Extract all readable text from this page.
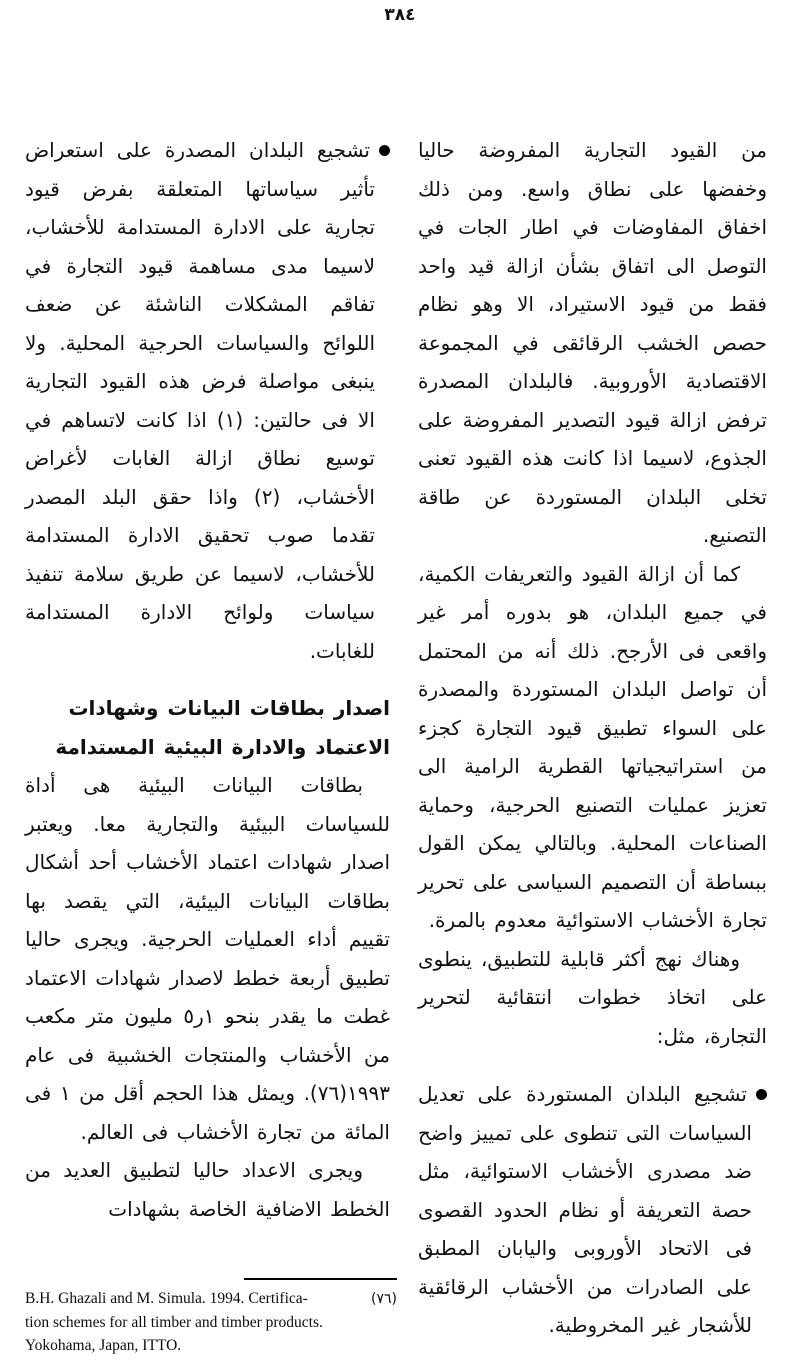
٣٨٤
من القيود التجارية المفروضة حاليا وخفضها على نطاق واسع. ومن ذلك اخفاق المفاوضات في اطار الجات في التوصل الى اتفاق بشأن ازالة قيد واحد فقط من قيود الاستيراد، الا وهو نظام حصص الخشب الرقائقى في المجموعة الاقتصادية الأوروبية. فالبلدان المصدرة ترفض ازالة قيود التصدير المفروضة على الجذوع، لاسيما اذا كانت هذه القيود تعنى تخلى البلدان المستوردة عن طاقة التصنيع.
كما أن ازالة القيود والتعريفات الكمية، في جميع البلدان، هو بدوره أمر غير واقعى فى الأرجح. ذلك أنه من المحتمل أن تواصل البلدان المستوردة والمصدرة على السواء تطبيق قيود التجارة كجزء من استراتيجياتها القطرية الرامية الى تعزيز عمليات التصنيع الحرجية، وحماية الصناعات المحلية. وبالتالي يمكن القول ببساطة أن التصميم السياسى على تحرير تجارة الأخشاب الاستوائية معدوم بالمرة.
وهناك نهج أكثر قابلية للتطبيق، ينطوى على اتخاذ خطوات انتقائية لتحرير التجارة، مثل:
تشجيع البلدان المستوردة على تعديل السياسات التى تنطوى على تمييز واضح ضد مصدرى الأخشاب الاستوائية، مثل حصة التعريفة أو نظام الحدود القصوى فى الاتحاد الأوروبى واليابان المطبق على الصادرات من الأخشاب الرقائقية للأشجار غير المخروطية.
تشجيع البلدان المصدرة على استعراض تأثير سياساتها المتعلقة بفرض قيود تجارية على الادارة المستدامة للأخشاب، لاسيما مدى مساهمة قيود التجارة في تفاقم المشكلات الناشئة عن ضعف اللوائح والسياسات الحرجية المحلية. ولا ينبغى مواصلة فرض هذه القيود التجارية الا فى حالتين: (١) اذا كانت لاتساهم في توسيع نطاق ازالة الغابات لأغراض الأخشاب، (٢) واذا حقق البلد المصدر تقدما صوب تحقيق الادارة المستدامة للأخشاب، لاسيما عن طريق سلامة تنفيذ سياسات ولوائح الادارة المستدامة للغابات.
اصدار بطاقات البيانات وشهادات
الاعتماد والادارة البيئية المستدامة
بطاقات البيانات البيئية هى أداة للسياسات البيئية والتجارية معا. ويعتبر اصدار شهادات اعتماد الأخشاب أحد أشكال بطاقات البيانات البيئية، التي يقصد بها تقييم أداء العمليات الحرجية. ويجرى حاليا تطبيق أربعة خطط لاصدار شهادات الاعتماد غطت ما يقدر بنحو ١ر٥ مليون متر مكعب من الأخشاب والمنتجات الخشبية فى عام ١٩٩٣(٧٦). ويمثل هذا الحجم أقل من ١ فى المائة من تجارة الأخشاب فى العالم.
ويجرى الاعداد حاليا لتطبيق العديد من الخطط الاضافية الخاصة بشهادات
B.H. Ghazali and M. Simula. 1994. Certifica-	(٧٦)
tion schemes for all timber and timber products.
Yokohama, Japan, ITTO.
